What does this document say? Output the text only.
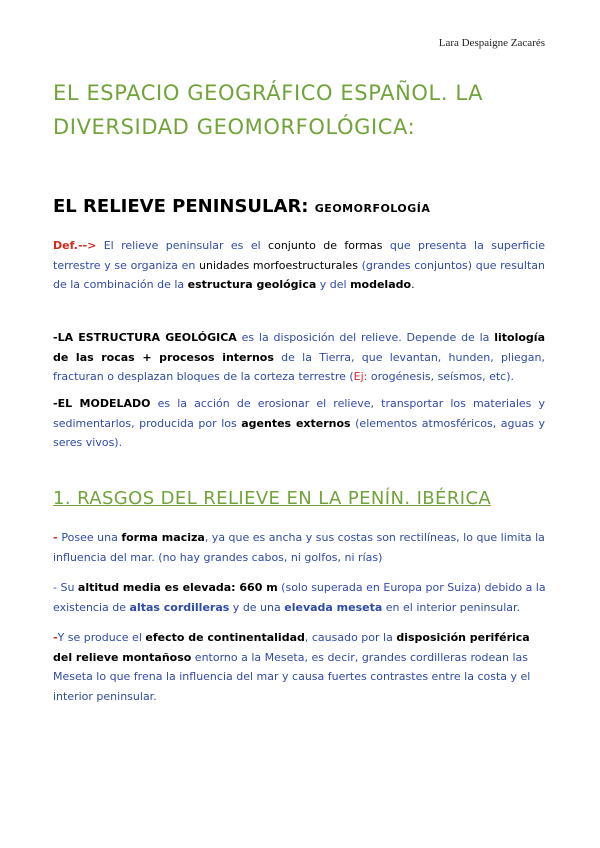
Lara Despaigne Zacarés
EL ESPACIO GEOGRÁFICO ESPAÑOL. LA DIVERSIDAD GEOMORFOLÓGICA:
EL RELIEVE PENINSULAR: GEOMORFOLOGÍA

Def.--> El relieve peninsular es el conjunto de formas que presenta la superficie terrestre y se organiza en unidades morfoestructurales (grandes conjuntos) que resultan de la combinación de la estructura geológica y del modelado.

-LA ESTRUCTURA GEOLÓGICA es la disposición del relieve. Depende de la litología de las rocas + procesos internos de la Tierra, que levantan, hunden, pliegan, fracturan o desplazan bloques de la corteza terrestre (Ej: orogénesis, seísmos, etc).

-EL MODELADO es la acción de erosionar el relieve, transportar los materiales y sedimentarlos, producida por los agentes externos (elementos atmosféricos, aguas y seres vivos).

1. RASGOS DEL RELIEVE EN LA PENÍN. IBÉRICA

- Posee una forma maciza, ya que es ancha y sus costas son rectilíneas, lo que limita la influencia del mar. (no hay grandes cabos, ni golfos, ni rías)

- Su altitud media es elevada: 660 m (solo superada en Europa por Suiza) debido a la existencia de altas cordilleras y de una elevada meseta en el interior peninsular.

-Y se produce el efecto de continentalidad, causado por la disposición periférica del relieve montañoso entorno a la Meseta, es decir, grandes cordilleras rodean las Meseta lo que frena la influencia del mar y causa fuertes contrastes entre la costa y el interior peninsular.
